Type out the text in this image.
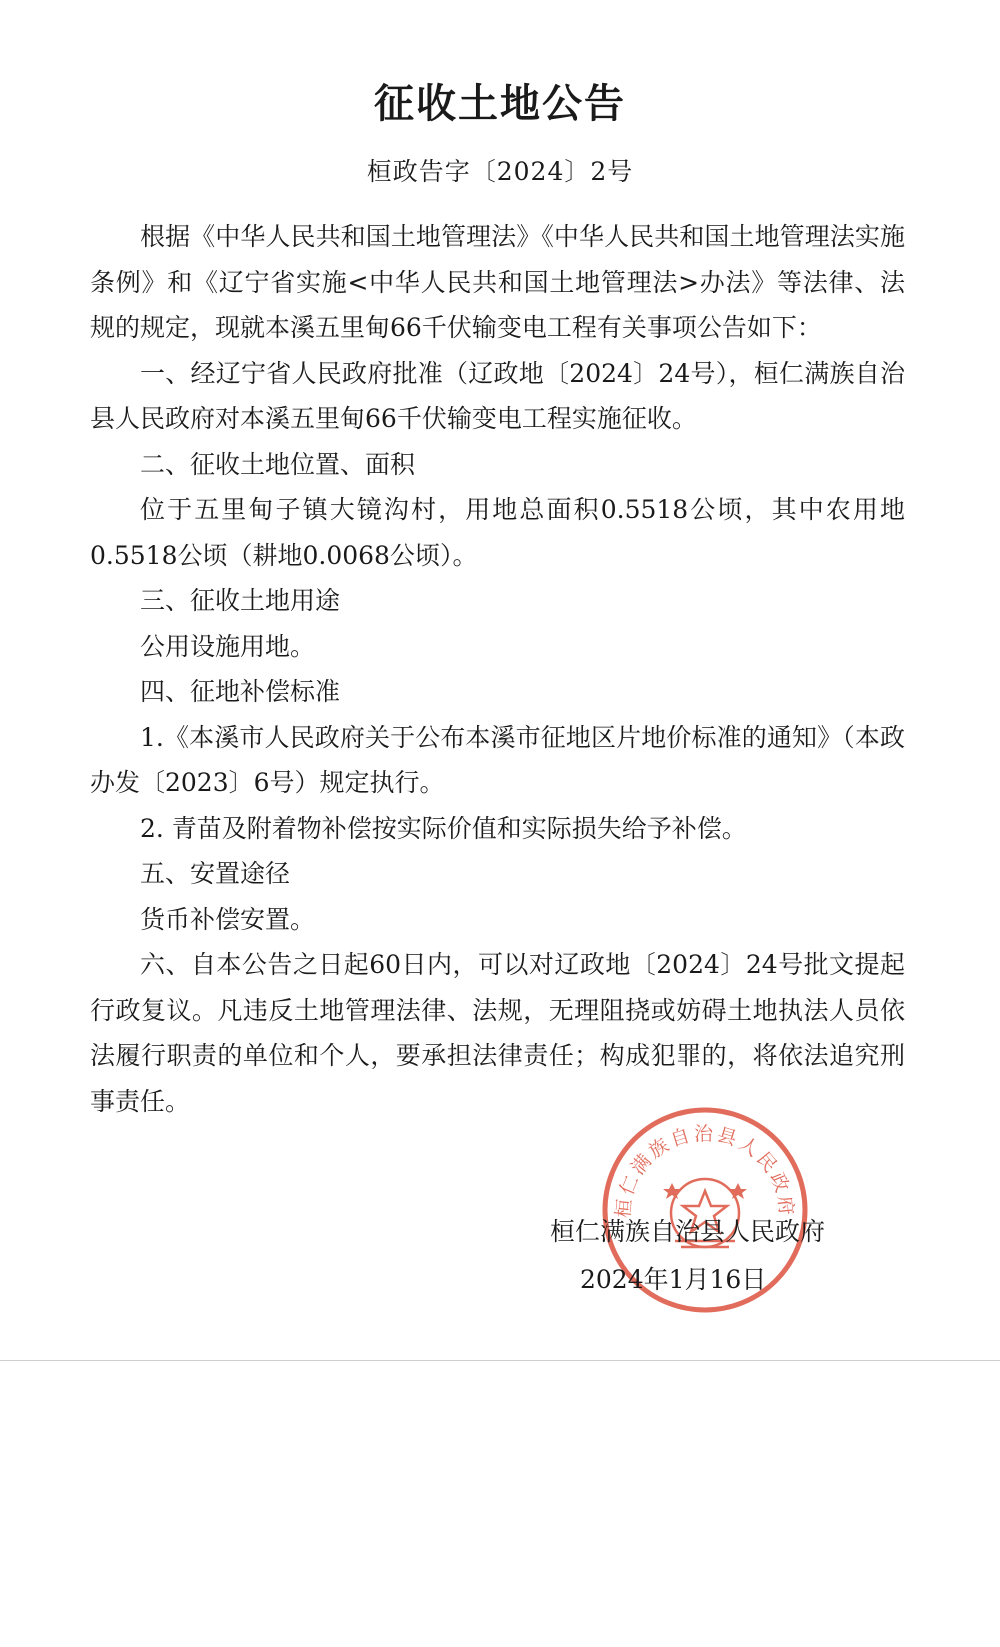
征收土地公告
桓政告字〔2024〕2号

根据《中华人民共和国土地管理法》《中华人民共和国土地管理法实施条例》和《辽宁省实施<中华人民共和国土地管理法>办法》等法律、法规的规定，现就本溪五里甸66千伏输变电工程有关事项公告如下：

一、经辽宁省人民政府批准（辽政地〔2024〕24号），桓仁满族自治县人民政府对本溪五里甸66千伏输变电工程实施征收。

二、征收土地位置、面积

位于五里甸子镇大镜沟村，用地总面积0.5518公顷，其中农用地0.5518公顷（耕地0.0068公顷）。

三、征收土地用途

公用设施用地。

四、征地补偿标准

1.《本溪市人民政府关于公布本溪市征地区片地价标准的通知》（本政办发〔2023〕6号）规定执行。

2. 青苗及附着物补偿按实际价值和实际损失给予补偿。

五、安置途径

货币补偿安置。

六、自本公告之日起60日内，可以对辽政地〔2024〕24号批文提起行政复议。凡违反土地管理法律、法规，无理阻挠或妨碍土地执法人员依法履行职责的单位和个人，要承担法律责任；构成犯罪的，将依法追究刑事责任。

桓仁满族自治县人民政府
桓仁满族自治县人民政府
2024年1月16日
